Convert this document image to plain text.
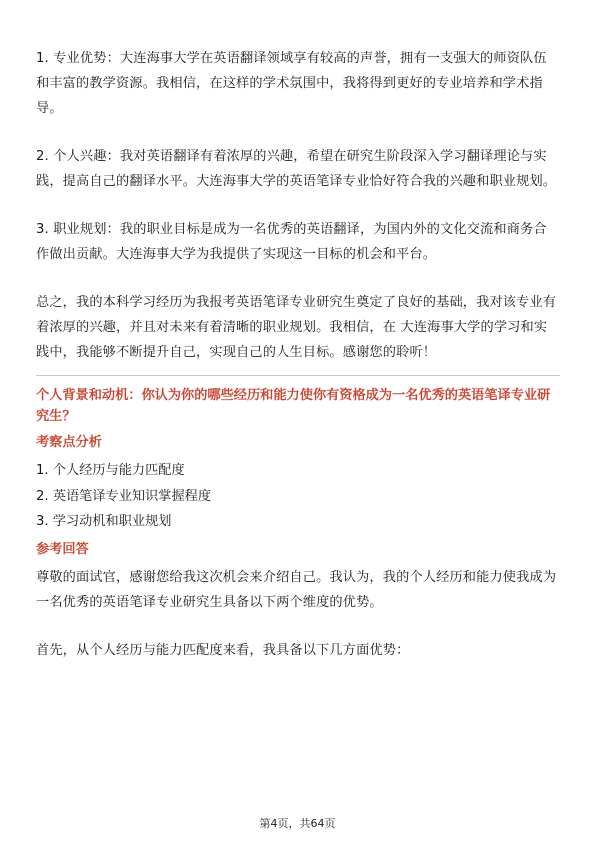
1. 专业优势：大连海事大学在英语翻译领域享有较高的声誉，拥有一支强大的师资队伍和丰富的教学资源。我相信，在这样的学术氛围中，我将得到更好的专业培养和学术指导。

2. 个人兴趣：我对英语翻译有着浓厚的兴趣，希望在研究生阶段深入学习翻译理论与实践，提高自己的翻译水平。大连海事大学的英语笔译专业恰好符合我的兴趣和职业规划。

3. 职业规划：我的职业目标是成为一名优秀的英语翻译，为国内外的文化交流和商务合作做出贡献。大连海事大学为我提供了实现这一目标的机会和平台。

总之，我的本科学习经历为我报考英语笔译专业研究生奠定了良好的基础，我对该专业有着浓厚的兴趣，并且对未来有着清晰的职业规划。我相信，在 大连海事大学的学习和实践中，我能够不断提升自己，实现自己的人生目标。感谢您的聆听！

个人背景和动机：你认为你的哪些经历和能力使你有资格成为一名优秀的英语笔译专业研究生？

考察点分析

1. 个人经历与能力匹配度
2. 英语笔译专业知识掌握程度
3. 学习动机和职业规划

参考回答

尊敬的面试官，感谢您给我这次机会来介绍自己。我认为，我的个人经历和能力使我成为一名优秀的英语笔译专业研究生具备以下两个维度的优势。

首先，从个人经历与能力匹配度来看，我具备以下几方面优势：

第4页，共64页
